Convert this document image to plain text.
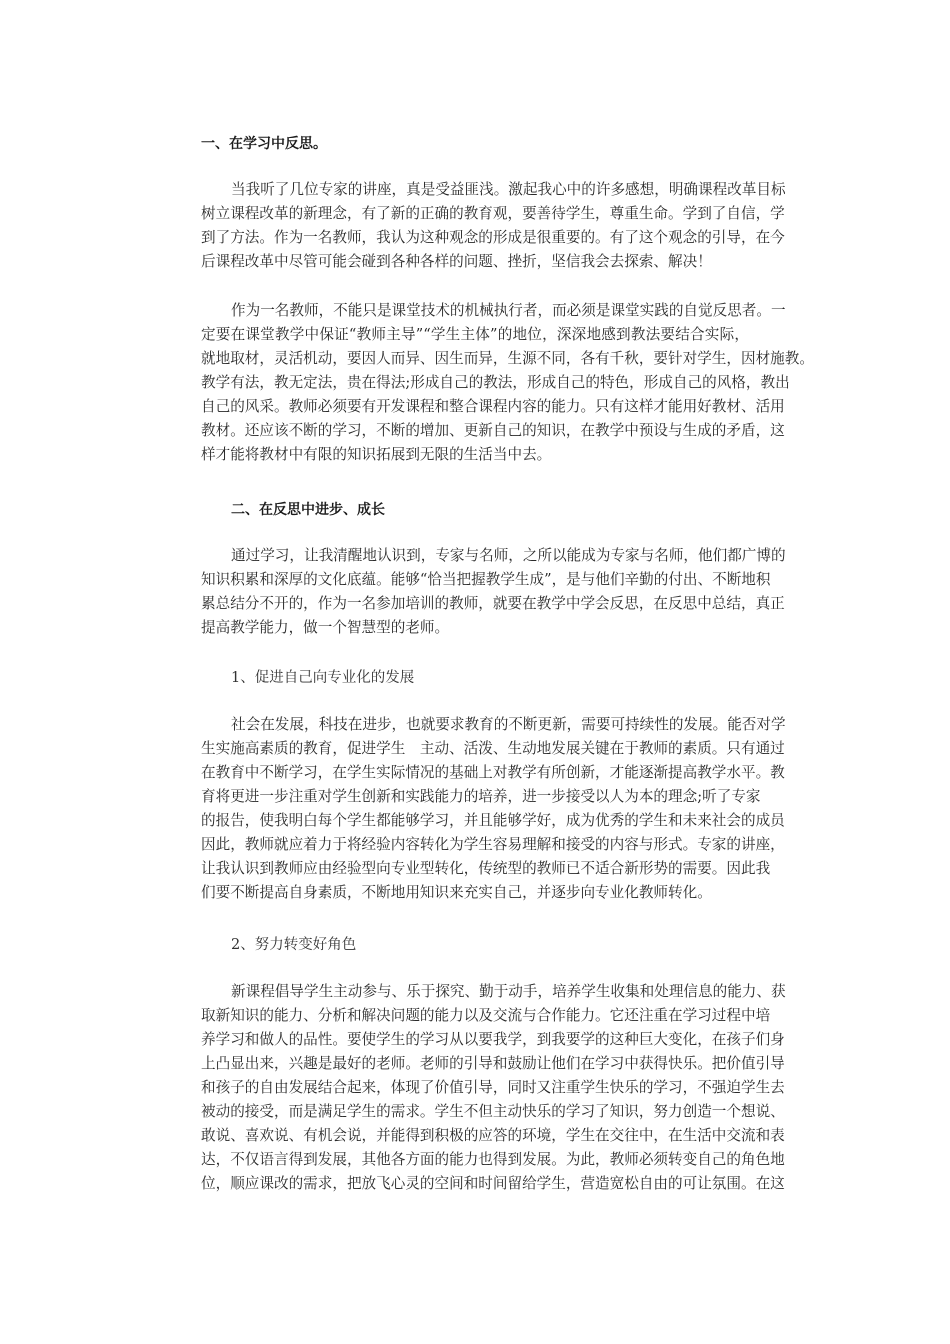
一、在学习中反思。
当我听了几位专家的讲座，真是受益匪浅。激起我心中的许多感想，明确课程改革目标
树立课程改革的新理念，有了新的正确的教育观，要善待学生，尊重生命。学到了自信，学
到了方法。作为一名教师，我认为这种观念的形成是很重要的。有了这个观念的引导，在今
后课程改革中尽管可能会碰到各种各样的问题、挫折，坚信我会去探索、解决！
作为一名教师，不能只是课堂技术的机械执行者，而必须是课堂实践的自觉反思者。一
定要在课堂教学中保证“教师主导”“学生主体”的地位，深深地感到教法要结合实际，
就地取材，灵活机动，要因人而异、因生而异，生源不同，各有千秋，要针对学生，因材施教。
教学有法，教无定法，贵在得法;形成自己的教法，形成自己的特色，形成自己的风格，教出
自己的风采。教师必须要有开发课程和整合课程内容的能力。只有这样才能用好教材、活用
教材。还应该不断的学习，不断的增加、更新自己的知识，在教学中预设与生成的矛盾，这
样才能将教材中有限的知识拓展到无限的生活当中去。
二、在反思中进步、成长
通过学习，让我清醒地认识到，专家与名师，之所以能成为专家与名师，他们都广博的
知识积累和深厚的文化底蕴。能够“恰当把握教学生成”，是与他们辛勤的付出、不断地积
累总结分不开的，作为一名参加培训的教师，就要在教学中学会反思，在反思中总结，真正
提高教学能力，做一个智慧型的老师。
1、促进自己向专业化的发展
社会在发展，科技在进步，也就要求教育的不断更新，需要可持续性的发展。能否对学
生实施高素质的教育，促进学生　主动、活泼、生动地发展关键在于教师的素质。只有通过
在教育中不断学习，在学生实际情况的基础上对教学有所创新，才能逐渐提高教学水平。教
育将更进一步注重对学生创新和实践能力的培养，进一步接受以人为本的理念;听了专家
的报告，使我明白每个学生都能够学习，并且能够学好，成为优秀的学生和未来社会的成员
因此，教师就应着力于将经验内容转化为学生容易理解和接受的内容与形式。专家的讲座，
让我认识到教师应由经验型向专业型转化，传统型的教师已不适合新形势的需要。因此我
们要不断提高自身素质，不断地用知识来充实自己，并逐步向专业化教师转化。
2、努力转变好角色
新课程倡导学生主动参与、乐于探究、勤于动手，培养学生收集和处理信息的能力、获
取新知识的能力、分析和解决问题的能力以及交流与合作能力。它还注重在学习过程中培
养学习和做人的品性。要使学生的学习从以要我学，到我要学的这种巨大变化，在孩子们身
上凸显出来，兴趣是最好的老师。老师的引导和鼓励让他们在学习中获得快乐。把价值引导
和孩子的自由发展结合起来，体现了价值引导，同时又注重学生快乐的学习，不强迫学生去
被动的接受，而是满足学生的需求。学生不但主动快乐的学习了知识，努力创造一个想说、
敢说、喜欢说、有机会说，并能得到积极的应答的环境，学生在交往中，在生活中交流和表
达，不仅语言得到发展，其他各方面的能力也得到发展。为此，教师必须转变自己的角色地
位，顺应课改的需求，把放飞心灵的空间和时间留给学生，营造宽松自由的可让氛围。在这
